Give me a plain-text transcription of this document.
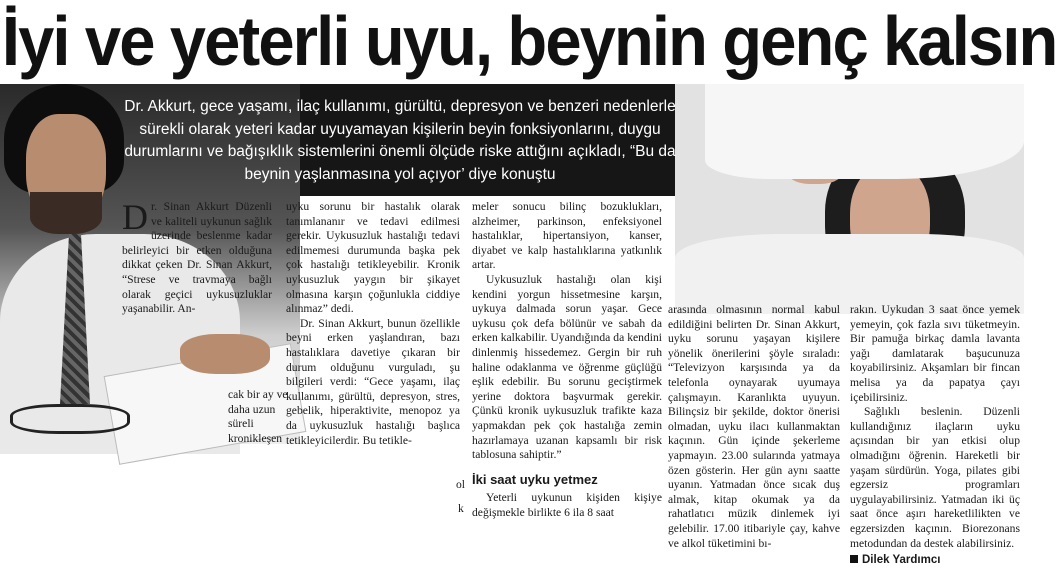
İyi ve yeterli uyu, beynin genç kalsın
Dr. Akkurt, gece yaşamı, ilaç kullanımı, gürültü, depresyon ve benzeri nedenlerle sürekli olarak yeteri kadar uyuyamayan kişilerin beyin fonksiyonlarını, duygu durumlarını ve bağışıklık sistemlerini önemli ölçüde riske attığını açıkladı, “Bu da beynin yaşlanmasına yol açıyor’ diye konuştu

Dr. Sinan Akkurt Düzenli ve kaliteli uykunun sağlık üzerinde beslenme kadar belirleyici bir etken olduğuna dikkat çeken Dr. Sinan Akkurt, “Strese ve travmaya bağlı olarak geçici uykusuzluklar yaşanabilir. An-

cak bir ay ve daha uzun süreli kronikleşen

uyku sorunu bir hastalık olarak tanımlananır ve tedavi edilmesi gerekir. Uykusuzluk hastalığı tedavi edilmemesi durumunda başka pek çok hastalığı tetikleyebilir. Kronik uykusuzluk yaygın bir şikayet olmasına karşın çoğunlukla ciddiye alınmaz” dedi.

Dr. Sinan Akkurt, bunun özellikle beyni erken yaşlandıran, bazı hastalıklara davetiye çıkaran bir durum olduğunu vurguladı, şu bilgileri verdi: “Gece yaşamı, ilaç kullanımı, gürültü, depresyon, stres, gebelik, hiperaktivite, menopoz ya da uykusuzluk hastalığı başlıca tetikleyicilerdir. Bu tetikle-

meler sonucu bilinç bozuklukları, alzheimer, parkinson, enfeksiyonel hastalıklar, hipertansiyon, kanser, diyabet ve kalp hastalıklarına yatkınlık artar.

Uykusuzluk hastalığı olan kişi kendini yorgun hissetmesine karşın, uykuya dalmada sorun yaşar. Gece uykusu çok defa bölünür ve sabah da erken kalkabilir. Uyandığında da kendini dinlenmiş hissedemez. Gergin bir ruh haline odaklanma ve öğrenme güçlüğü eşlik edebilir. Bu sorunu geciştirmek yerine doktora başvurmak gerekir. Çünkü kronik uykusuzluk trafikte kaza yapmakdan pek çok hastalığa zemin hazırlamaya uzanan kapsamlı bir risk tablosuna sahiptir.”

İki saat uyku yetmez

Yeterli uykunun kişiden kişiye değişmekle birlikte 6 ila 8 saat

ol
k

arasında olmasının normal kabul edildiğini belirten Dr. Sinan Akkurt, uyku sorunu yaşayan kişilere yönelik önerilerini şöyle sıraladı: “Televizyon karşısında ya da telefonla oynayarak uyumaya çalışmayın. Karanlıkta uyuyun. Bilinçsiz bir şekilde, doktor önerisi olmadan, uyku ilacı kullanmaktan kaçının. Gün içinde şekerleme yapmayın. 23.00 sularında yatmaya özen gösterin. Her gün aynı saatte uyanın. Yatmadan önce sıcak duş almak, kitap okumak ya da rahatlatıcı müzik dinlemek iyi gelebilir. 17.00 itibariyle çay, kahve ve alkol tüketimini bı-

rakın. Uykudan 3 saat önce yemek yemeyin, çok fazla sıvı tüketmeyin. Bir pamuğa birkaç damla lavanta yağı damlatarak başucunuza koyabilirsiniz. Akşamları bir fincan melisa ya da papatya çayı içebilirsiniz.

Sağlıklı beslenin. Düzenli kullandığınız ilaçların uyku açısından bir yan etkisi olup olmadığını öğrenin. Hareketli bir yaşam sürdürün. Yoga, pilates gibi egzersiz programları uygulayabilirsiniz. Yatmadan iki üç saat önce aşırı hareketlilikten ve egzersizden kaçının. Biorezonans metodundan da destek alabilirsiniz.

Dilek Yardımcı
